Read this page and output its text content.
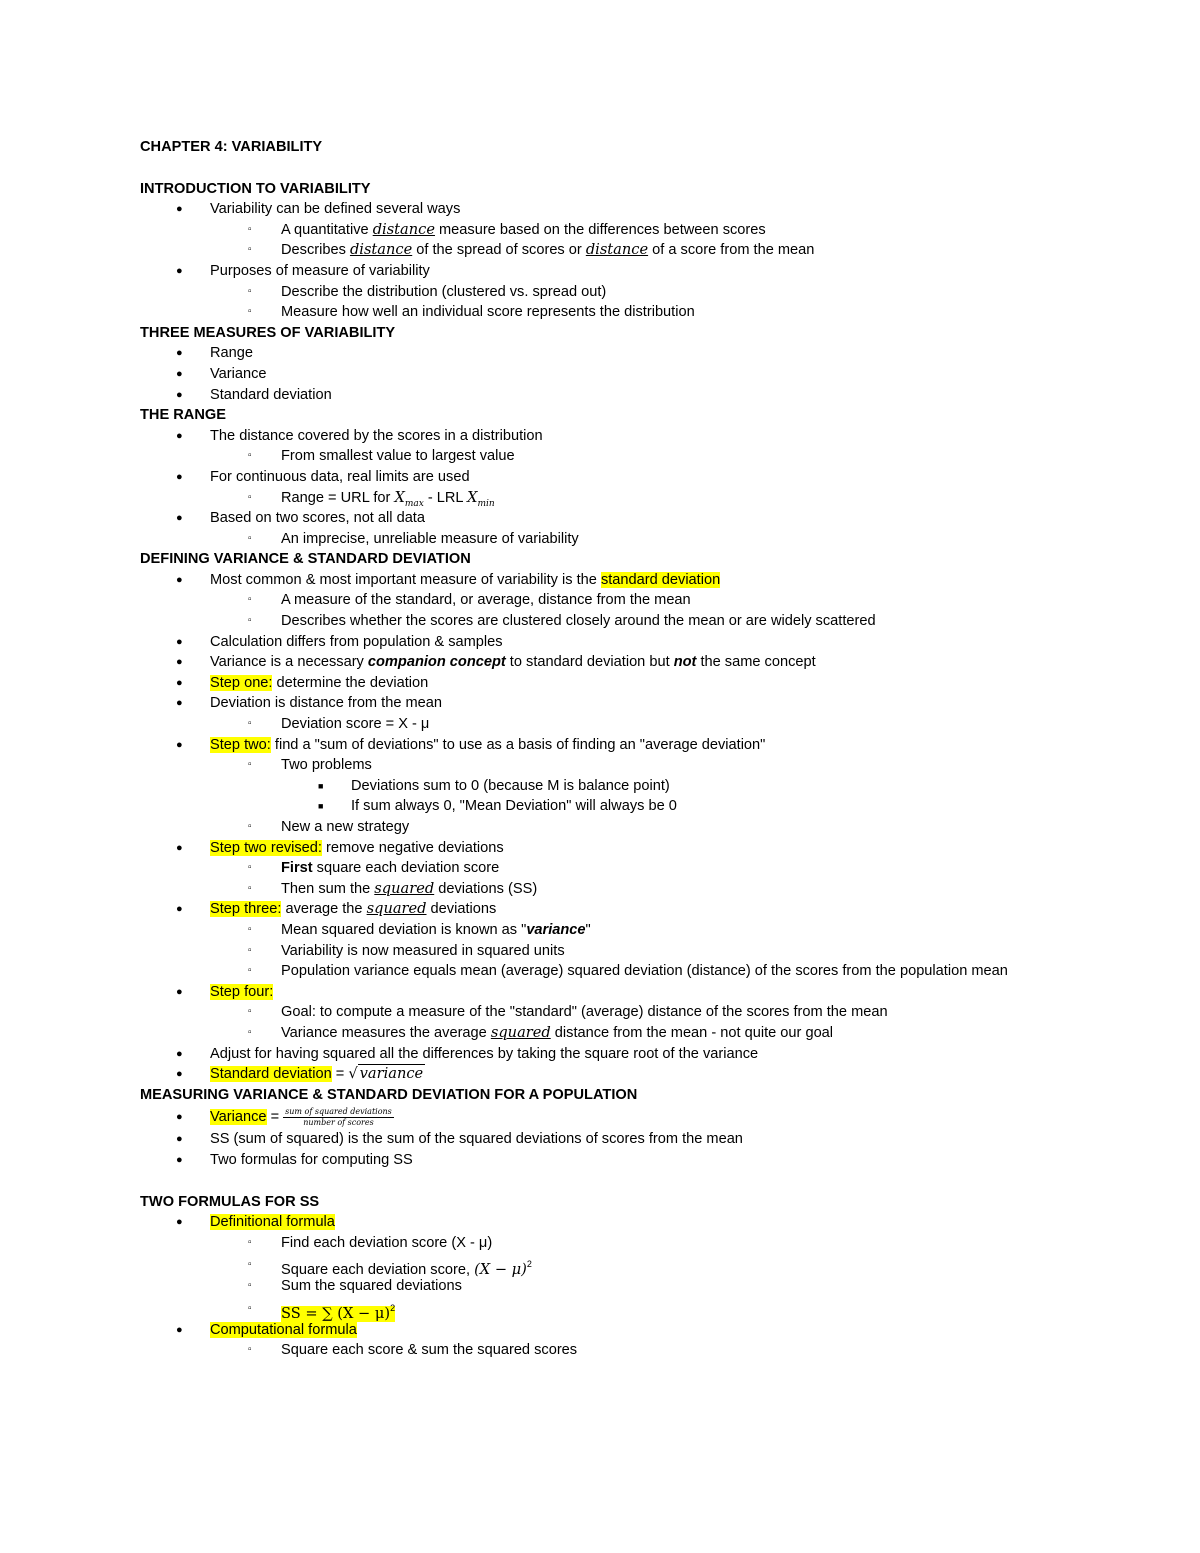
CHAPTER 4: VARIABILITY
INTRODUCTION TO VARIABILITY
● Variability can be defined several ways
▫ A quantitative distance measure based on the differences between scores
▫ Describes distance of the spread of scores or distance of a score from the mean
● Purposes of measure of variability
▫ Describe the distribution (clustered vs. spread out)
▫ Measure how well an individual score represents the distribution
THREE MEASURES OF VARIABILITY
● Range
● Variance
● Standard deviation
THE RANGE
● The distance covered by the scores in a distribution
▫ From smallest value to largest value
● For continuous data, real limits are used
▫ Range = URL for $X_{max}$ - LRL $X_{min}$
● Based on two scores, not all data
▫ An imprecise, unreliable measure of variability
DEFINING VARIANCE & STANDARD DEVIATION
● Most common & most important measure of variability is the standard deviation
▫ A measure of the standard, or average, distance from the mean
▫ Describes whether the scores are clustered closely around the mean or are widely scattered
● Calculation differs from population & samples
● Variance is a necessary companion concept to standard deviation but not the same concept
● Step one: determine the deviation
● Deviation is distance from the mean
▫ Deviation score = X - μ
● Step two: find a "sum of deviations" to use as a basis of finding an "average deviation"
▫ Two problems
■ Deviations sum to 0 (because M is balance point)
■ If sum always 0, "Mean Deviation" will always be 0
▫ New a new strategy
● Step two revised: remove negative deviations
▫ First square each deviation score
▫ Then sum the squared deviations (SS)
● Step three: average the squared deviations
▫ Mean squared deviation is known as "variance"
▫ Variability is now measured in squared units
▫ Population variance equals mean (average) squared deviation (distance) of the scores from the population mean
● Step four:
▫ Goal: to compute a measure of the "standard" (average) distance of the scores from the mean
▫ Variance measures the average squared distance from the mean - not quite our goal
● Adjust for having squared all the differences by taking the square root of the variance
● Standard deviation = √ variance
MEASURING VARIANCE & STANDARD DEVIATION FOR A POPULATION
● Variance = $\frac{\text{sum of squared deviations}}{\text{number of scores}}$
● SS (sum of squared) is the sum of the squared deviations of scores from the mean
● Two formulas for computing SS
TWO FORMULAS FOR SS
● Definitional formula
▫ Find each deviation score (X - μ)
▫ Square each deviation score, $(X - \mu)^2$
▫ Sum the squared deviations
▫ SS = ∑ $(X - \mu)^2$
● Computational formula
▫ Square each score & sum the squared scores
